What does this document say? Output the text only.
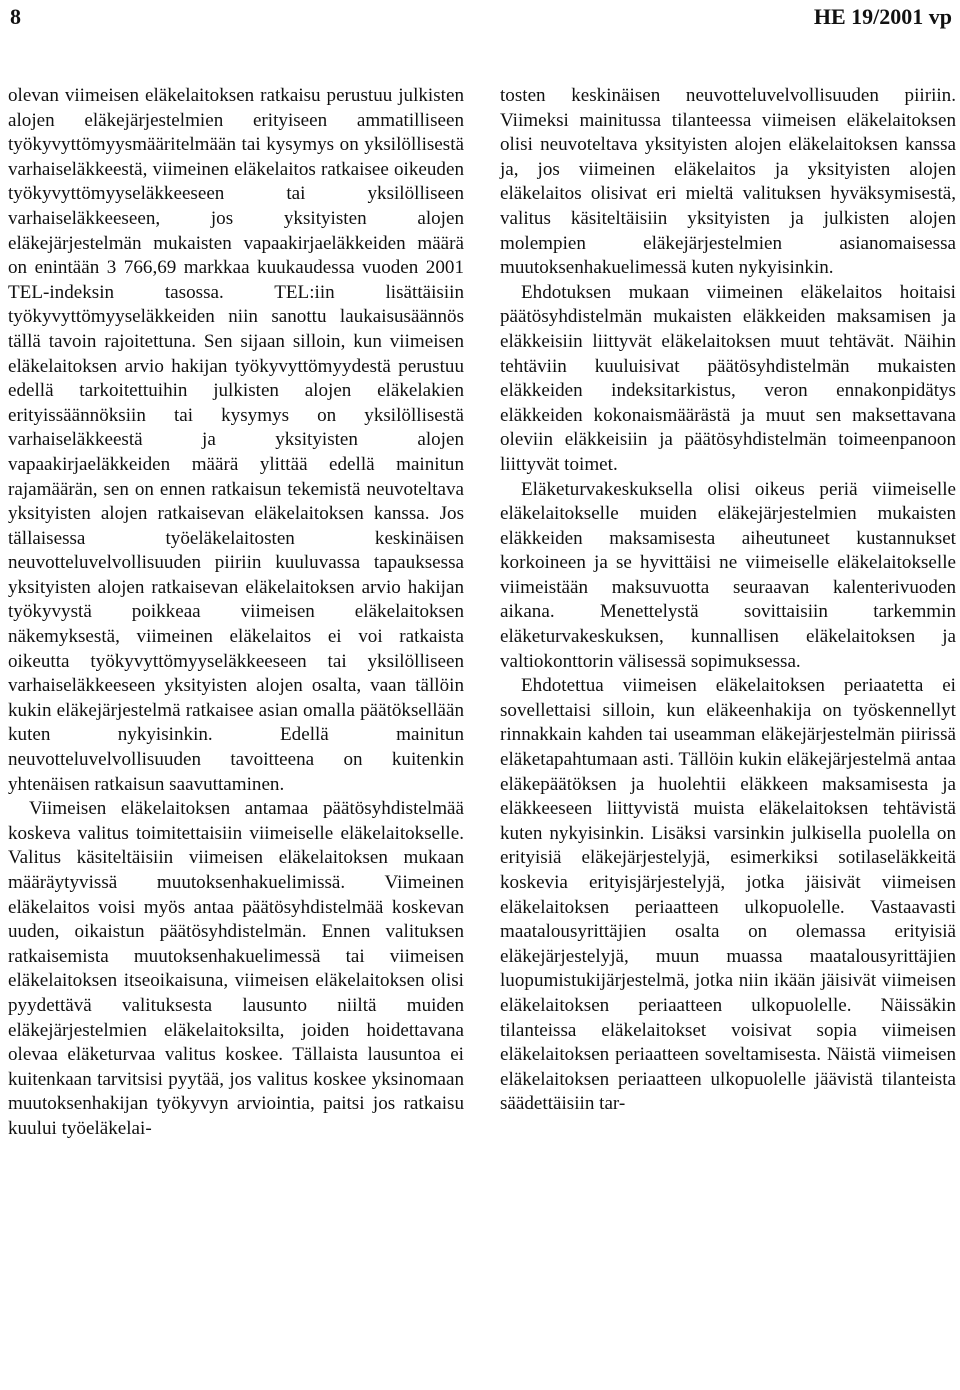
8	HE 19/2001 vp

olevan viimeisen eläkelaitoksen ratkaisu perustuu julkisten alojen eläkejärjestelmien erityiseen ammatilliseen työkyvyttömyysmääritelmään tai kysymys on yksilöllisestä varhaiseläkkeestä, viimeinen eläkelaitos ratkaisee oikeuden työkyvyttömyyseläkkeeseen tai yksilölliseen varhaiseläkkeeseen, jos yksityisten alojen eläkejärjestelmän mukaisten vapaakirjaeläkkeiden määrä on enintään 3 766,69 markkaa kuukaudessa vuoden 2001 TEL-indeksin tasossa. TEL:iin lisättäisiin työkyvyttömyyseläkkeiden niin sanottu laukaisusäännös tällä tavoin rajoitettuna. Sen sijaan silloin, kun viimeisen eläkelaitoksen arvio hakijan työkyvyttömyydestä perustuu edellä tarkoitettuihin julkisten alojen eläkelakien erityissäännöksiin tai kysymys on yksilöllisestä varhaiseläkkeestä ja yksityisten alojen vapaakirjaeläkkeiden määrä ylittää edellä mainitun rajamäärän, sen on ennen ratkaisun tekemistä neuvoteltava yksityisten alojen ratkaisevan eläkelaitoksen kanssa. Jos tällaisessa työeläkelaitosten keskinäisen neuvotteluvelvollisuuden piiriin kuuluvassa tapauksessa yksityisten alojen ratkaisevan eläkelaitoksen arvio hakijan työkyvystä poikkeaa viimeisen eläkelaitoksen näkemyksestä, viimeinen eläkelaitos ei voi ratkaista oikeutta työkyvyttömyyseläkkeeseen tai yksilölliseen varhaiseläkkeeseen yksityisten alojen osalta, vaan tällöin kukin eläkejärjestelmä ratkaisee asian omalla päätöksellään kuten nykyisinkin. Edellä mainitun neuvotteluvelvollisuuden tavoitteena on kuitenkin yhtenäisen ratkaisun saavuttaminen.

Viimeisen eläkelaitoksen antamaa päätösyhdistelmää koskeva valitus toimitettaisiin viimeiselle eläkelaitokselle. Valitus käsiteltäisiin viimeisen eläkelaitoksen mukaan määräytyvissä muutoksenhakuelimissä. Viimeinen eläkelaitos voisi myös antaa päätösyhdistelmää koskevan uuden, oikaistun päätösyhdistelmän. Ennen valituksen ratkaisemista muutoksenhakuelimessä tai viimeisen eläkelaitoksen itseoikaisuna, viimeisen eläkelaitoksen olisi pyydettävä valituksesta lausunto niiltä muiden eläkejärjestelmien eläkelaitoksilta, joiden hoidettavana olevaa eläketurvaa valitus koskee. Tällaista lausuntoa ei kuitenkaan tarvitsisi pyytää, jos valitus koskee yksinomaan muutoksenhakijan työkyvyn arviointia, paitsi jos ratkaisu kuului työeläkelai-

tosten keskinäisen neuvotteluvelvollisuuden piiriin. Viimeksi mainitussa tilanteessa viimeisen eläkelaitoksen olisi neuvoteltava yksityisten alojen eläkelaitoksen kanssa ja, jos viimeinen eläkelaitos ja yksityisten alojen eläkelaitos olisivat eri mieltä valituksen hyväksymisestä, valitus käsiteltäisiin yksityisten ja julkisten alojen molempien eläkejärjestelmien asianomaisessa muutoksenhakuelimessä kuten nykyisinkin.

Ehdotuksen mukaan viimeinen eläkelaitos hoitaisi päätösyhdistelmän mukaisten eläkkeiden maksamisen ja eläkkeisiin liittyvät eläkelaitoksen muut tehtävät. Näihin tehtäviin kuuluisivat päätösyhdistelmän mukaisten eläkkeiden indeksitarkistus, veron ennakonpidätys eläkkeiden kokonaismäärästä ja muut sen maksettavana oleviin eläkkeisiin ja päätösyhdistelmän toimeenpanoon liittyvät toimet.

Eläketurvakeskuksella olisi oikeus periä viimeiselle eläkelaitokselle muiden eläkejärjestelmien mukaisten eläkkeiden maksamisesta aiheutuneet kustannukset korkoineen ja se hyvittäisi ne viimeiselle eläkelaitokselle viimeistään maksuvuotta seuraavan kalenterivuoden aikana. Menettelystä sovittaisiin tarkemmin eläketurvakeskuksen, kunnallisen eläkelaitoksen ja valtiokonttorin välisessä sopimuksessa.

Ehdotettua viimeisen eläkelaitoksen periaatetta ei sovellettaisi silloin, kun eläkeenhakija on työskennellyt rinnakkain kahden tai useamman eläkejärjestelmän piirissä eläketapahtumaan asti. Tällöin kukin eläkejärjestelmä antaa eläkepäätöksen ja huolehtii eläkkeen maksamisesta ja eläkkeeseen liittyvistä muista eläkelaitoksen tehtävistä kuten nykyisinkin. Lisäksi varsinkin julkisella puolella on erityisiä eläkejärjestelyjä, esimerkiksi sotilaseläkkeitä koskevia erityisjärjestelyjä, jotka jäisivät viimeisen eläkelaitoksen periaatteen ulkopuolelle. Vastaavasti maatalousyrittäjien osalta on olemassa erityisiä eläkejärjestelyjä, muun muassa maatalousyrittäjien luopumistukijärjestelmä, jotka niin ikään jäisivät viimeisen eläkelaitoksen periaatteen ulkopuolelle. Näissäkin tilanteissa eläkelaitokset voisivat sopia viimeisen eläkelaitoksen periaatteen soveltamisesta. Näistä viimeisen eläkelaitoksen periaatteen ulkopuolelle jäävistä tilanteista säädettäisiin tar-
